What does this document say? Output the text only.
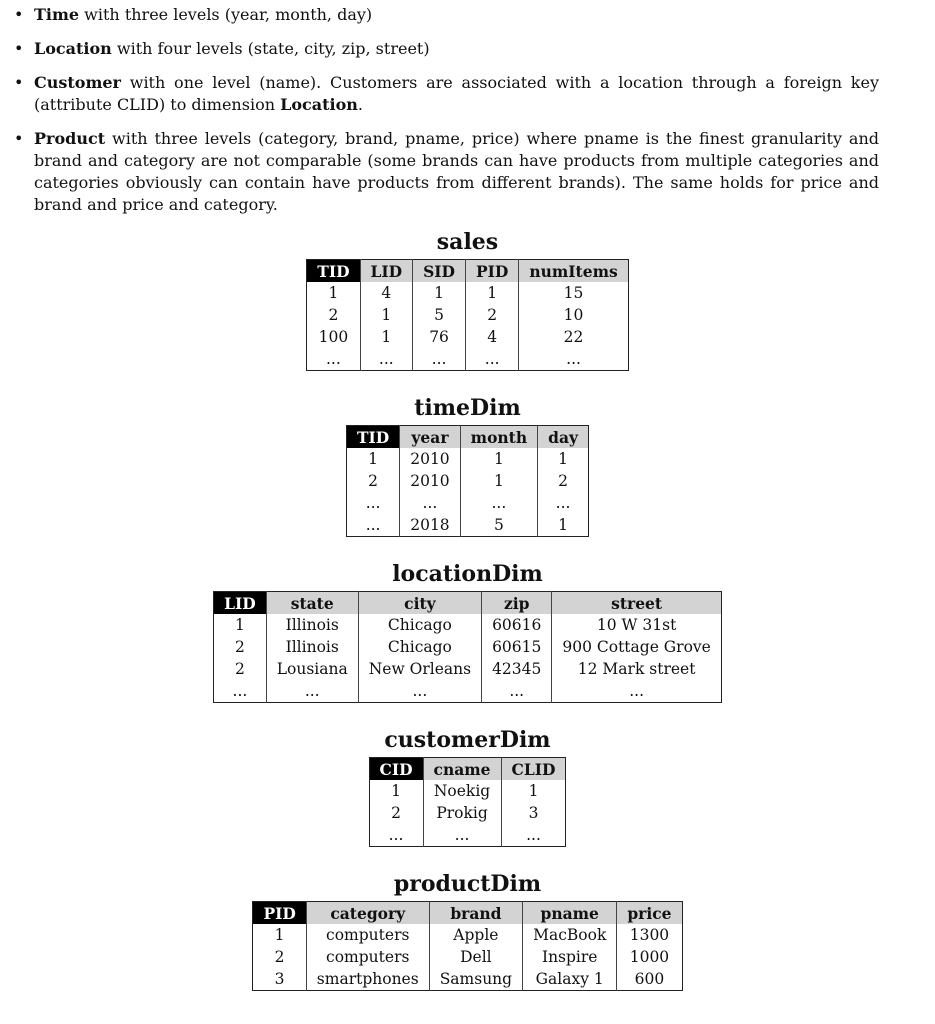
• Time with three levels (year, month, day)
• Location with four levels (state, city, zip, street)
• Customer with one level (name). Customers are associated with a location through a foreign key (attribute CLID) to dimension Location.
• Product with three levels (category, brand, pname, price) where pname is the finest granularity and brand and category are not comparable (some brands can have products from multiple categories and categories obviously can contain have products from different brands). The same holds for price and brand and price and category.
sales
TID	LID	SID	PID	numItems
1	4	1	1	15
2	1	5	2	10
100	1	76	4	22
...	...	...	...	...
timeDim
TID	year	month	day
1	2010	1	1
2	2010	1	2
...	...	...	...
...	2018	5	1
locationDim
LID	state	city	zip	street
1	Illinois	Chicago	60616	10 W 31st
2	Illinois	Chicago	60615	900 Cottage Grove
2	Lousiana	New Orleans	42345	12 Mark street
...	...	...	...	...
customerDim
CID	cname	CLID
1	Noekig	1
2	Prokig	3
...	...	...
productDim
PID	category	brand	pname	price
1	computers	Apple	MacBook	1300
2	computers	Dell	Inspire	1000
3	smartphones	Samsung	Galaxy 1	600
